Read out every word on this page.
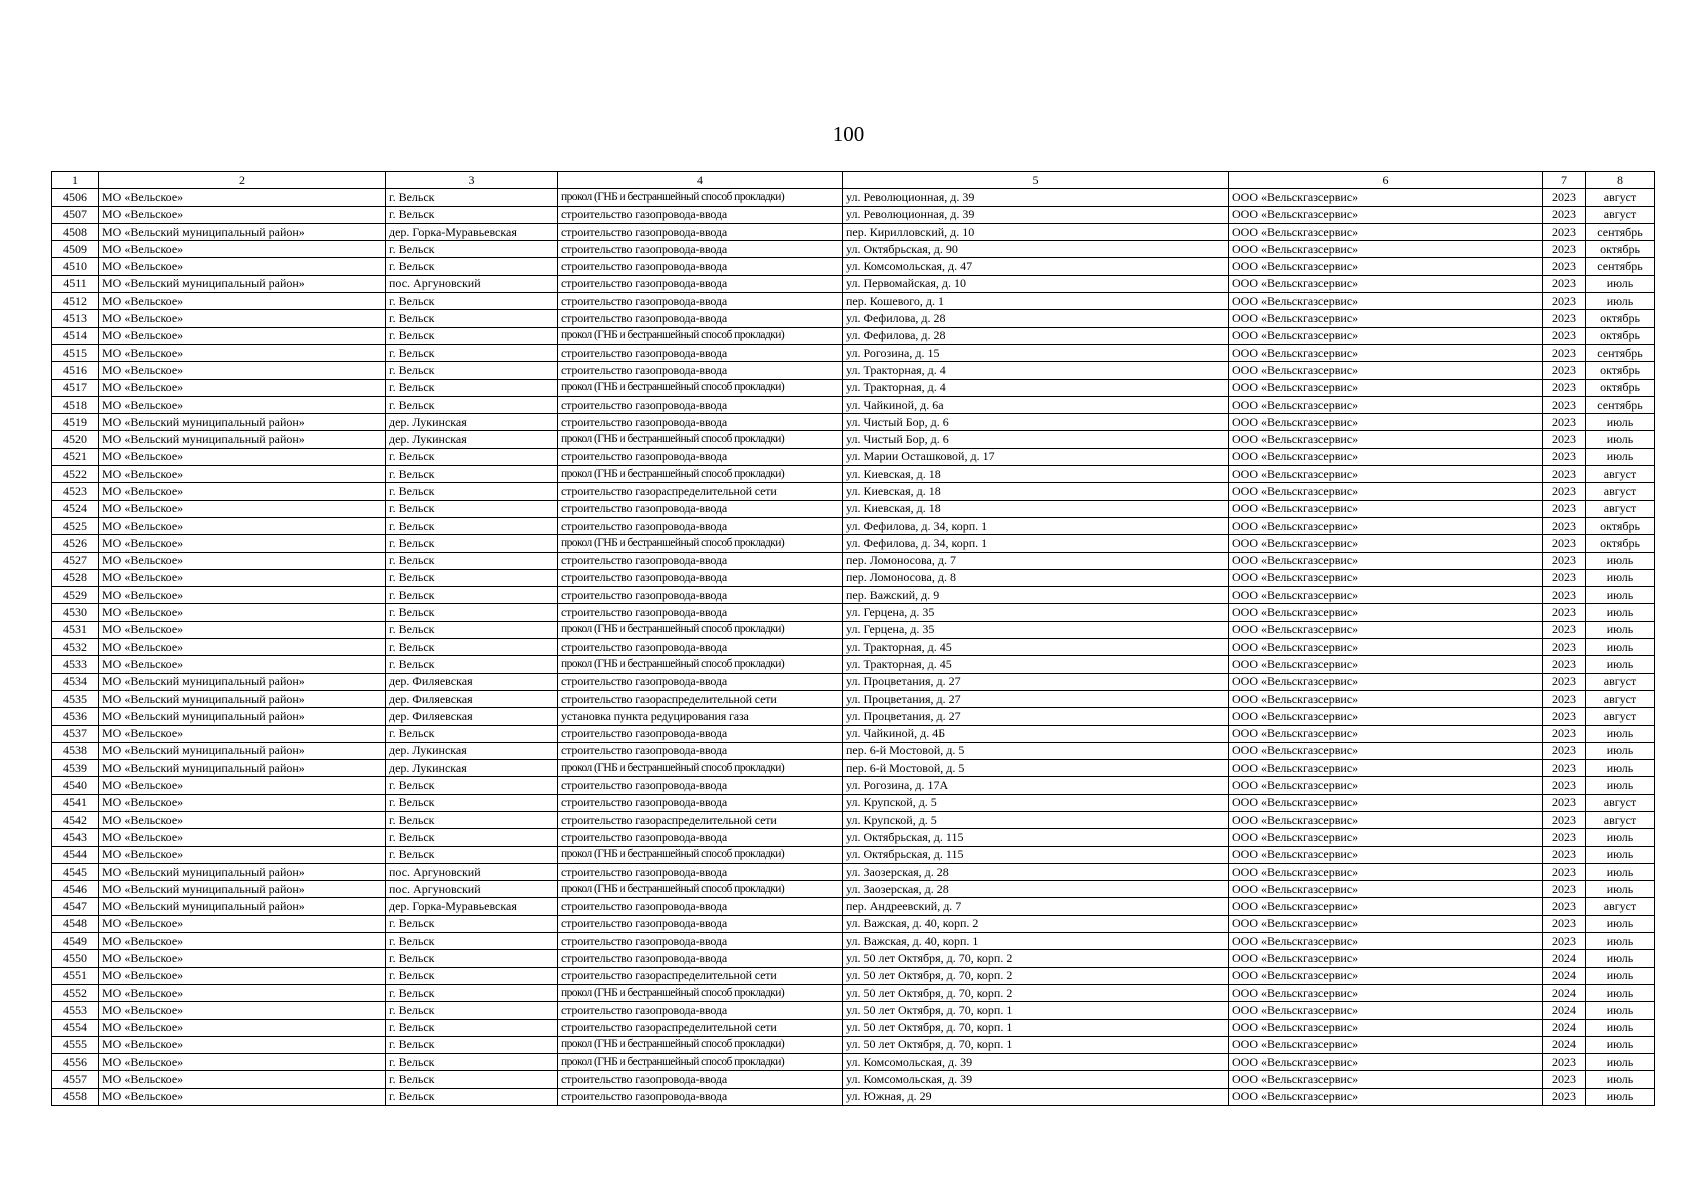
100
1	2	3	4	5	6	7	8
4506	МО «Вельское»	г. Вельск	прокол (ГНБ и бестраншейный способ прокладки)	ул. Революционная, д. 39	ООО «Вельскгазсервис»	2023	август
4507	МО «Вельское»	г. Вельск	строительство газопровода-ввода	ул. Революционная, д. 39	ООО «Вельскгазсервис»	2023	август
4508	МО «Вельский муниципальный район»	дер. Горка-Муравьевская	строительство газопровода-ввода	пер. Кирилловский, д. 10	ООО «Вельскгазсервис»	2023	сентябрь
4509	МО «Вельское»	г. Вельск	строительство газопровода-ввода	ул. Октябрьская, д. 90	ООО «Вельскгазсервис»	2023	октябрь
4510	МО «Вельское»	г. Вельск	строительство газопровода-ввода	ул. Комсомольская, д. 47	ООО «Вельскгазсервис»	2023	сентябрь
4511	МО «Вельский муниципальный район»	пос. Аргуновский	строительство газопровода-ввода	ул. Первомайская, д. 10	ООО «Вельскгазсервис»	2023	июль
4512	МО «Вельское»	г. Вельск	строительство газопровода-ввода	пер. Кошевого, д. 1	ООО «Вельскгазсервис»	2023	июль
4513	МО «Вельское»	г. Вельск	строительство газопровода-ввода	ул. Фефилова, д. 28	ООО «Вельскгазсервис»	2023	октябрь
4514	МО «Вельское»	г. Вельск	прокол (ГНБ и бестраншейный способ прокладки)	ул. Фефилова, д. 28	ООО «Вельскгазсервис»	2023	октябрь
4515	МО «Вельское»	г. Вельск	строительство газопровода-ввода	ул. Рогозина, д. 15	ООО «Вельскгазсервис»	2023	сентябрь
4516	МО «Вельское»	г. Вельск	строительство газопровода-ввода	ул. Тракторная, д. 4	ООО «Вельскгазсервис»	2023	октябрь
4517	МО «Вельское»	г. Вельск	прокол (ГНБ и бестраншейный способ прокладки)	ул. Тракторная, д. 4	ООО «Вельскгазсервис»	2023	октябрь
4518	МО «Вельское»	г. Вельск	строительство газопровода-ввода	ул. Чайкиной, д. 6а	ООО «Вельскгазсервис»	2023	сентябрь
4519	МО «Вельский муниципальный район»	дер. Лукинская	строительство газопровода-ввода	ул. Чистый Бор, д. 6	ООО «Вельскгазсервис»	2023	июль
4520	МО «Вельский муниципальный район»	дер. Лукинская	прокол (ГНБ и бестраншейный способ прокладки)	ул. Чистый Бор, д. 6	ООО «Вельскгазсервис»	2023	июль
4521	МО «Вельское»	г. Вельск	строительство газопровода-ввода	ул. Марии Осташковой, д. 17	ООО «Вельскгазсервис»	2023	июль
4522	МО «Вельское»	г. Вельск	прокол (ГНБ и бестраншейный способ прокладки)	ул. Киевская, д. 18	ООО «Вельскгазсервис»	2023	август
4523	МО «Вельское»	г. Вельск	строительство газораспределительной сети	ул. Киевская, д. 18	ООО «Вельскгазсервис»	2023	август
4524	МО «Вельское»	г. Вельск	строительство газопровода-ввода	ул. Киевская, д. 18	ООО «Вельскгазсервис»	2023	август
4525	МО «Вельское»	г. Вельск	строительство газопровода-ввода	ул. Фефилова, д. 34, корп. 1	ООО «Вельскгазсервис»	2023	октябрь
4526	МО «Вельское»	г. Вельск	прокол (ГНБ и бестраншейный способ прокладки)	ул. Фефилова, д. 34, корп. 1	ООО «Вельскгазсервис»	2023	октябрь
4527	МО «Вельское»	г. Вельск	строительство газопровода-ввода	пер. Ломоносова, д. 7	ООО «Вельскгазсервис»	2023	июль
4528	МО «Вельское»	г. Вельск	строительство газопровода-ввода	пер. Ломоносова, д. 8	ООО «Вельскгазсервис»	2023	июль
4529	МО «Вельское»	г. Вельск	строительство газопровода-ввода	пер. Важский, д. 9	ООО «Вельскгазсервис»	2023	июль
4530	МО «Вельское»	г. Вельск	строительство газопровода-ввода	ул. Герцена, д. 35	ООО «Вельскгазсервис»	2023	июль
4531	МО «Вельское»	г. Вельск	прокол (ГНБ и бестраншейный способ прокладки)	ул. Герцена, д. 35	ООО «Вельскгазсервис»	2023	июль
4532	МО «Вельское»	г. Вельск	строительство газопровода-ввода	ул. Тракторная, д. 45	ООО «Вельскгазсервис»	2023	июль
4533	МО «Вельское»	г. Вельск	прокол (ГНБ и бестраншейный способ прокладки)	ул. Тракторная, д. 45	ООО «Вельскгазсервис»	2023	июль
4534	МО «Вельский муниципальный район»	дер. Филяевская	строительство газопровода-ввода	ул. Процветания, д. 27	ООО «Вельскгазсервис»	2023	август
4535	МО «Вельский муниципальный район»	дер. Филяевская	строительство газораспределительной сети	ул. Процветания, д. 27	ООО «Вельскгазсервис»	2023	август
4536	МО «Вельский муниципальный район»	дер. Филяевская	установка пункта редуцирования газа	ул. Процветания, д. 27	ООО «Вельскгазсервис»	2023	август
4537	МО «Вельское»	г. Вельск	строительство газопровода-ввода	ул. Чайкиной, д. 4Б	ООО «Вельскгазсервис»	2023	июль
4538	МО «Вельский муниципальный район»	дер. Лукинская	строительство газопровода-ввода	пер. 6-й Мостовой, д. 5	ООО «Вельскгазсервис»	2023	июль
4539	МО «Вельский муниципальный район»	дер. Лукинская	прокол (ГНБ и бестраншейный способ прокладки)	пер. 6-й Мостовой, д. 5	ООО «Вельскгазсервис»	2023	июль
4540	МО «Вельское»	г. Вельск	строительство газопровода-ввода	ул. Рогозина, д. 17А	ООО «Вельскгазсервис»	2023	июль
4541	МО «Вельское»	г. Вельск	строительство газопровода-ввода	ул. Крупской, д. 5	ООО «Вельскгазсервис»	2023	август
4542	МО «Вельское»	г. Вельск	строительство газораспределительной сети	ул. Крупской, д. 5	ООО «Вельскгазсервис»	2023	август
4543	МО «Вельское»	г. Вельск	строительство газопровода-ввода	ул. Октябрьская, д. 115	ООО «Вельскгазсервис»	2023	июль
4544	МО «Вельское»	г. Вельск	прокол (ГНБ и бестраншейный способ прокладки)	ул. Октябрьская, д. 115	ООО «Вельскгазсервис»	2023	июль
4545	МО «Вельский муниципальный район»	пос. Аргуновский	строительство газопровода-ввода	ул. Заозерская, д. 28	ООО «Вельскгазсервис»	2023	июль
4546	МО «Вельский муниципальный район»	пос. Аргуновский	прокол (ГНБ и бестраншейный способ прокладки)	ул. Заозерская, д. 28	ООО «Вельскгазсервис»	2023	июль
4547	МО «Вельский муниципальный район»	дер. Горка-Муравьевская	строительство газопровода-ввода	пер. Андреевский, д. 7	ООО «Вельскгазсервис»	2023	август
4548	МО «Вельское»	г. Вельск	строительство газопровода-ввода	ул. Важская, д. 40, корп. 2	ООО «Вельскгазсервис»	2023	июль
4549	МО «Вельское»	г. Вельск	строительство газопровода-ввода	ул. Важская, д. 40, корп. 1	ООО «Вельскгазсервис»	2023	июль
4550	МО «Вельское»	г. Вельск	строительство газопровода-ввода	ул. 50 лет Октября, д. 70, корп. 2	ООО «Вельскгазсервис»	2024	июль
4551	МО «Вельское»	г. Вельск	строительство газораспределительной сети	ул. 50 лет Октября, д. 70, корп. 2	ООО «Вельскгазсервис»	2024	июль
4552	МО «Вельское»	г. Вельск	прокол (ГНБ и бестраншейный способ прокладки)	ул. 50 лет Октября, д. 70, корп. 2	ООО «Вельскгазсервис»	2024	июль
4553	МО «Вельское»	г. Вельск	строительство газопровода-ввода	ул. 50 лет Октября, д. 70, корп. 1	ООО «Вельскгазсервис»	2024	июль
4554	МО «Вельское»	г. Вельск	строительство газораспределительной сети	ул. 50 лет Октября, д. 70, корп. 1	ООО «Вельскгазсервис»	2024	июль
4555	МО «Вельское»	г. Вельск	прокол (ГНБ и бестраншейный способ прокладки)	ул. 50 лет Октября, д. 70, корп. 1	ООО «Вельскгазсервис»	2024	июль
4556	МО «Вельское»	г. Вельск	прокол (ГНБ и бестраншейный способ прокладки)	ул. Комсомольская, д. 39	ООО «Вельскгазсервис»	2023	июль
4557	МО «Вельское»	г. Вельск	строительство газопровода-ввода	ул. Комсомольская, д. 39	ООО «Вельскгазсервис»	2023	июль
4558	МО «Вельское»	г. Вельск	строительство газопровода-ввода	ул. Южная, д. 29	ООО «Вельскгазсервис»	2023	июль
